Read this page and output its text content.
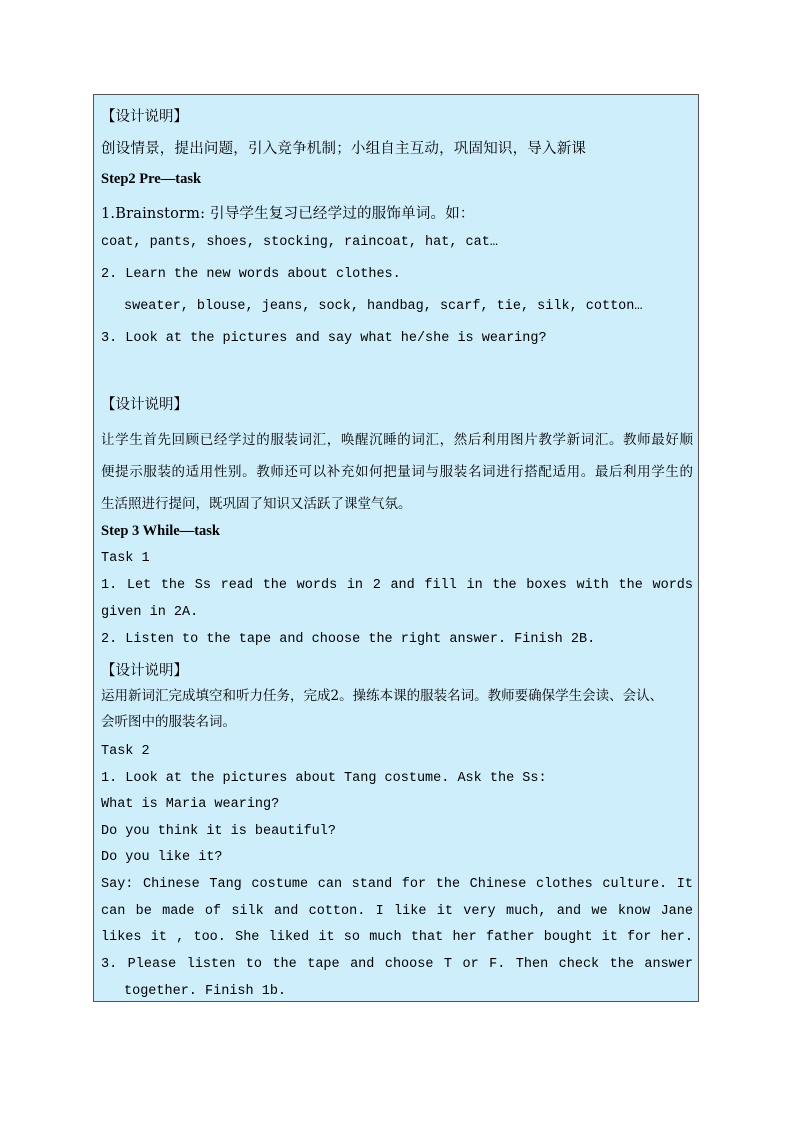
【设计说明】
创设情景，提出问题，引入竞争机制；小组自主互动，巩固知识，导入新课
Step2 Pre—task
1.Brainstorm: 引导学生复习已经学过的服饰单词。如：
coat, pants, shoes, stocking, raincoat, hat, cat…
2. Learn the new words about clothes.
sweater, blouse, jeans, sock, handbag, scarf, tie, silk, cotton…
3. Look at the pictures and say what he/she is wearing?
【设计说明】
让学生首先回顾已经学过的服装词汇，唤醒沉睡的词汇，然后利用图片教学新词汇。教师最好顺
便提示服装的适用性别。教师还可以补充如何把量词与服装名词进行搭配适用。最后利用学生的
生活照进行提问，既巩固了知识又活跃了课堂气氛。
Step 3 While—task
Task 1
1. Let the Ss read the words in 2 and fill in the boxes with the words
given in 2A.
2. Listen to the tape and choose the right answer. Finish 2B.
【设计说明】
运用新词汇完成填空和听力任务，完成2。操练本课的服装名词。教师要确保学生会读、会认、
会听图中的服装名词。
Task 2
1. Look at the pictures about Tang costume. Ask the Ss:
What is Maria wearing?
Do you think it is beautiful?
Do you like it?
Say: Chinese Tang costume can stand for the Chinese clothes culture. It
can be made of silk and cotton. I like it very much, and we know Jane
likes it , too. She liked it so much that her father bought it for her.
3. Please listen to the tape and choose T or F. Then check the answer
together. Finish 1b.
